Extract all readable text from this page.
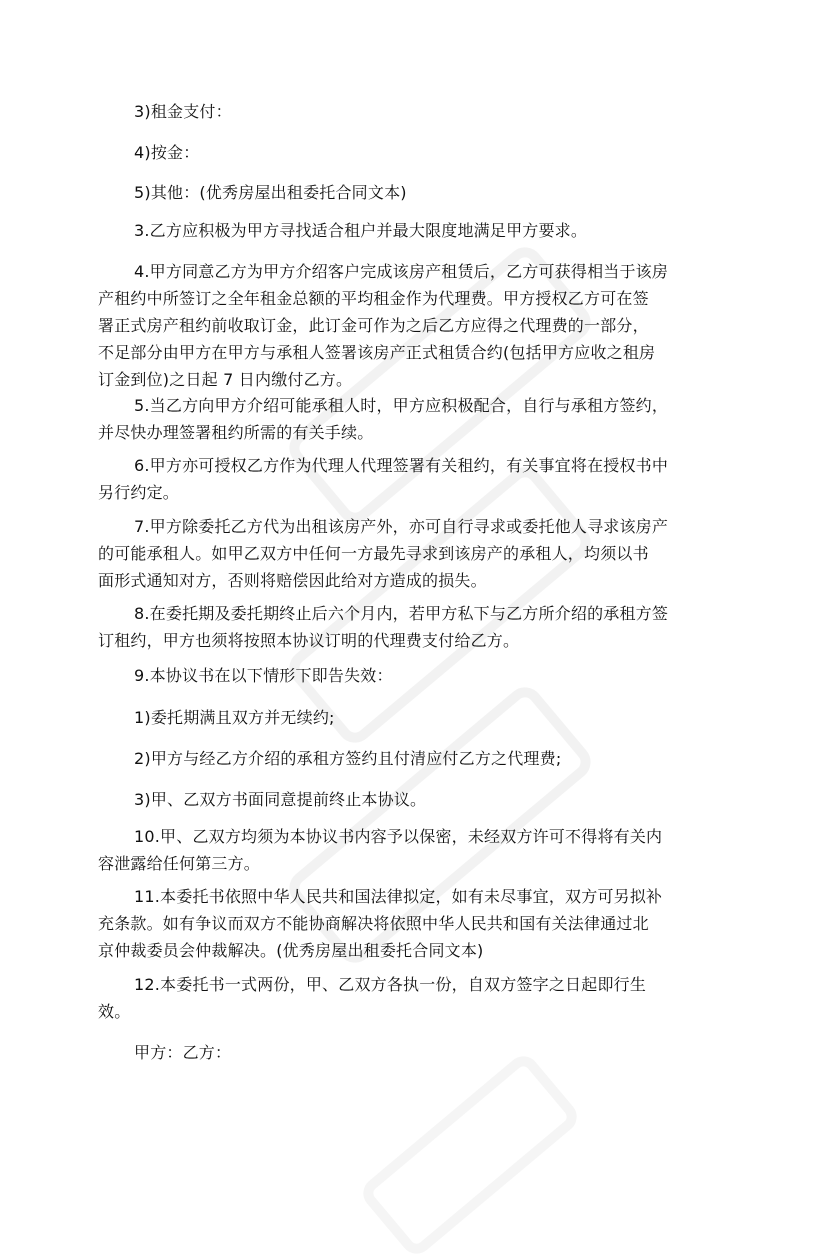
3)租金支付：

4)按金：

5)其他：(优秀房屋出租委托合同文本)

3.乙方应积极为甲方寻找适合租户并最大限度地满足甲方要求。

4.甲方同意乙方为甲方介绍客户完成该房产租赁后，乙方可获得相当于该房

产租约中所签订之全年租金总额的平均租金作为代理费。甲方授权乙方可在签

署正式房产租约前收取订金，此订金可作为之后乙方应得之代理费的一部分，

不足部分由甲方在甲方与承租人签署该房产正式租赁合约(包括甲方应收之租房

订金到位)之日起 7 日内缴付乙方。

5.当乙方向甲方介绍可能承租人时，甲方应积极配合，自行与承租方签约，

并尽快办理签署租约所需的有关手续。

6.甲方亦可授权乙方作为代理人代理签署有关租约，有关事宜将在授权书中

另行约定。

7.甲方除委托乙方代为出租该房产外，亦可自行寻求或委托他人寻求该房产

的可能承租人。如甲乙双方中任何一方最先寻求到该房产的承租人，均须以书

面形式通知对方，否则将赔偿因此给对方造成的损失。

8.在委托期及委托期终止后六个月内，若甲方私下与乙方所介绍的承租方签

订租约，甲方也须将按照本协议订明的代理费支付给乙方。

9.本协议书在以下情形下即告失效：

1)委托期满且双方并无续约;

2)甲方与经乙方介绍的承租方签约且付清应付乙方之代理费;

3)甲、乙双方书面同意提前终止本协议。

10.甲、乙双方均须为本协议书内容予以保密，未经双方许可不得将有关内

容泄露给任何第三方。

11.本委托书依照中华人民共和国法律拟定，如有未尽事宜，双方可另拟补

充条款。如有争议而双方不能协商解决将依照中华人民共和国有关法律通过北

京仲裁委员会仲裁解决。(优秀房屋出租委托合同文本)

12.本委托书一式两份，甲、乙双方各执一份，自双方签字之日起即行生

效。

甲方：乙方：
